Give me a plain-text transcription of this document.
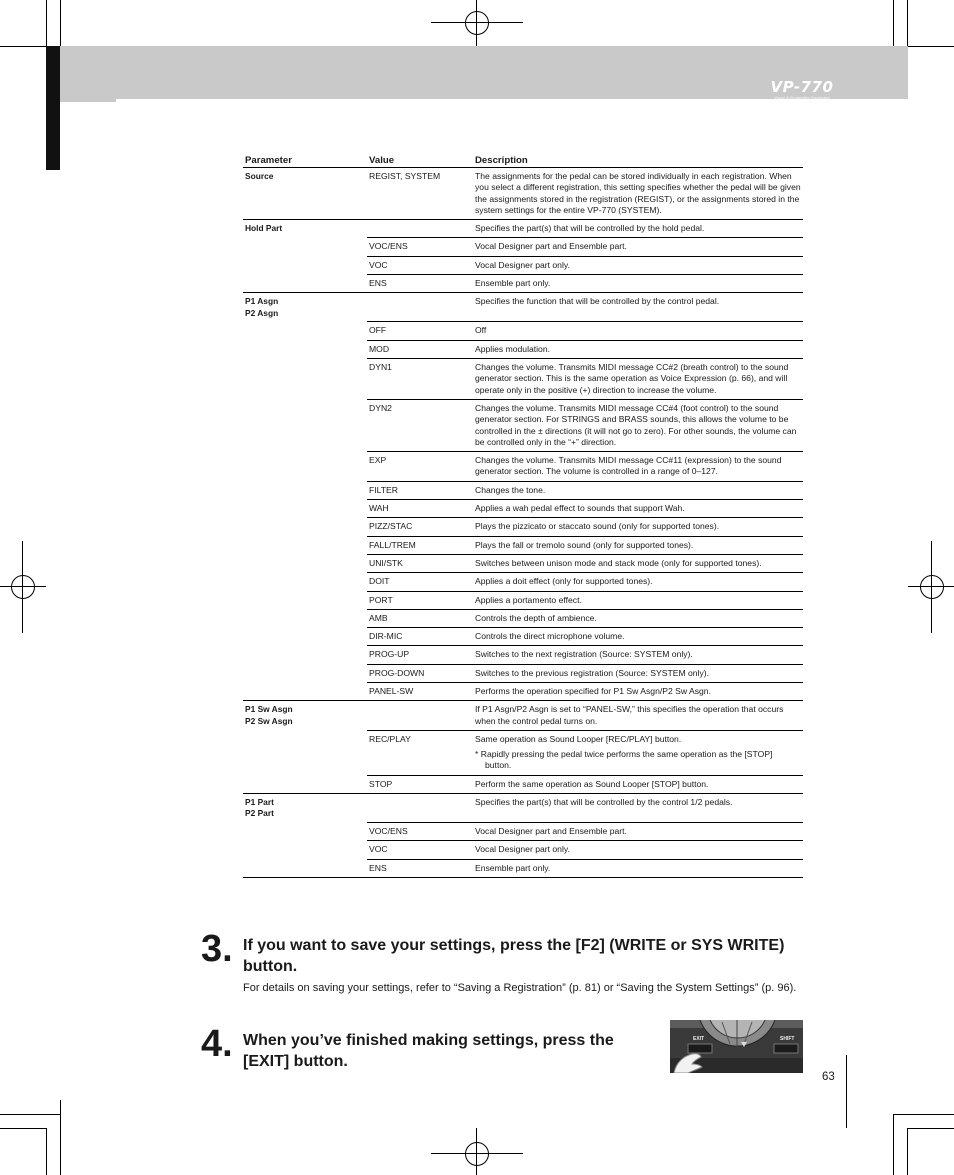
VP-770
Vocal & Ensemble Keyboard
Parameter	Value	Description

Source	REGIST, SYSTEM	The assignments for the pedal can be stored individually in each registration. When you select a different registration, this setting specifies whether the pedal will be given the assignments stored in the registration (REGIST), or the assignments stored in the system settings for the entire VP-770 (SYSTEM).

Hold Part		Specifies the part(s) that will be controlled by the hold pedal.
	VOC/ENS	Vocal Designer part and Ensemble part.
	VOC	Vocal Designer part only.
	ENS	Ensemble part only.

P1 Asgn
P2 Asgn		Specifies the function that will be controlled by the control pedal.
	OFF	Off
	MOD	Applies modulation.
	DYN1	Changes the volume. Transmits MIDI message CC#2 (breath control) to the sound generator section. This is the same operation as Voice Expression (p. 66), and will operate only in the positive (+) direction to increase the volume.
	DYN2	Changes the volume. Transmits MIDI message CC#4 (foot control) to the sound generator section. For STRINGS and BRASS sounds, this allows the volume to be controlled in the ± directions (it will not go to zero). For other sounds, the volume can be controlled only in the “+” direction.
	EXP	Changes the volume. Transmits MIDI message CC#11 (expression) to the sound generator section. The volume is controlled in a range of 0–127.
	FILTER	Changes the tone.
	WAH	Applies a wah pedal effect to sounds that support Wah.
	PIZZ/STAC	Plays the pizzicato or staccato sound (only for supported tones).
	FALL/TREM	Plays the fall or tremolo sound (only for supported tones).
	UNI/STK	Switches between unison mode and stack mode (only for supported tones).
	DOIT	Applies a doit effect (only for supported tones).
	PORT	Applies a portamento effect.
	AMB	Controls the depth of ambience.
	DIR-MIC	Controls the direct microphone volume.
	PROG-UP	Switches to the next registration (Source: SYSTEM only).
	PROG-DOWN	Switches to the previous registration (Source: SYSTEM only).
	PANEL-SW	Performs the operation specified for P1 Sw Asgn/P2 Sw Asgn.

P1 Sw Asgn
P2 Sw Asgn		If P1 Asgn/P2 Asgn is set to “PANEL-SW,” this specifies the operation that occurs when the control pedal turns on.
	REC/PLAY	Same operation as Sound Looper [REC/PLAY] button.
* Rapidly pressing the pedal twice performs the same operation as the [STOP] button.

	STOP	Perform the same operation as Sound Looper [STOP] button.

P1 Part
P2 Part		Specifies the part(s) that will be controlled by the control 1/2 pedals.
	VOC/ENS	Vocal Designer part and Ensemble part.
	VOC	Vocal Designer part only.
	ENS	Ensemble part only.
3. If you want to save your settings, press the [F2] (WRITE or SYS WRITE) button.
For details on saving your settings, refer to “Saving a Registration” (p. 81) or “Saving the System Settings” (p. 96).
4. When you’ve finished making settings, press the [EXIT] button.
EXIT	SHIFT
63
